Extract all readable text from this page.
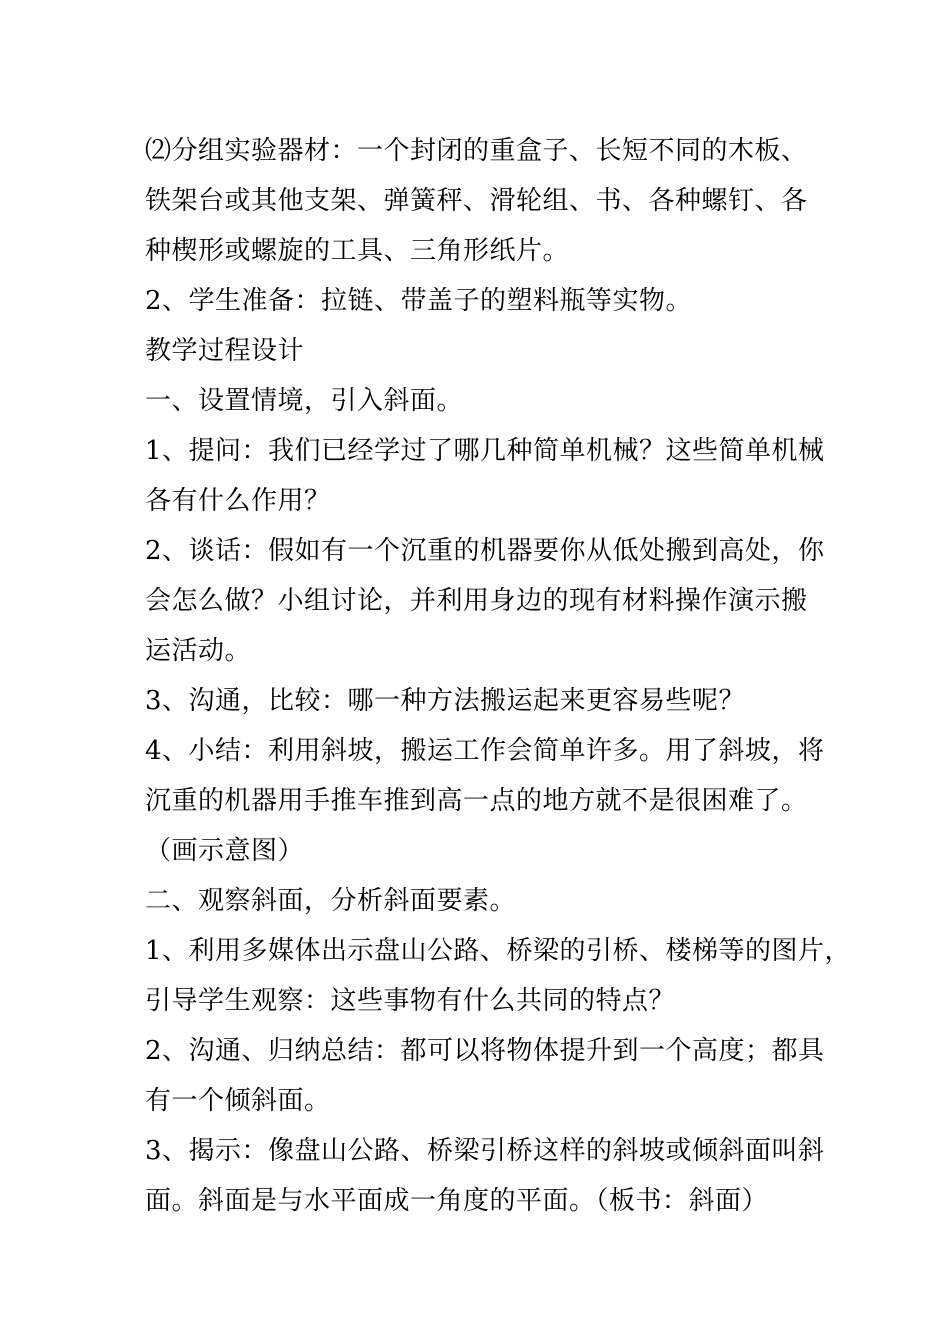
⑵分组实验器材：一个封闭的重盒子、长短不同的木板、
铁架台或其他支架、弹簧秤、滑轮组、书、各种螺钉、各
种楔形或螺旋的工具、三角形纸片。
2、学生准备：拉链、带盖子的塑料瓶等实物。
教学过程设计
一、设置情境，引入斜面。
1、提问：我们已经学过了哪几种简单机械？这些简单机械
各有什么作用？
2、谈话：假如有一个沉重的机器要你从低处搬到高处，你
会怎么做？小组讨论，并利用身边的现有材料操作演示搬
运活动。
3、沟通，比较：哪一种方法搬运起来更容易些呢？
4、小结：利用斜坡，搬运工作会简单许多。用了斜坡，将
沉重的机器用手推车推到高一点的地方就不是很困难了。
（画示意图）
二、观察斜面，分析斜面要素。
1、利用多媒体出示盘山公路、桥梁的引桥、楼梯等的图片，
引导学生观察：这些事物有什么共同的特点？
2、沟通、归纳总结：都可以将物体提升到一个高度；都具
有一个倾斜面。
3、揭示：像盘山公路、桥梁引桥这样的斜坡或倾斜面叫斜
面。斜面是与水平面成一角度的平面。（板书：斜面）
